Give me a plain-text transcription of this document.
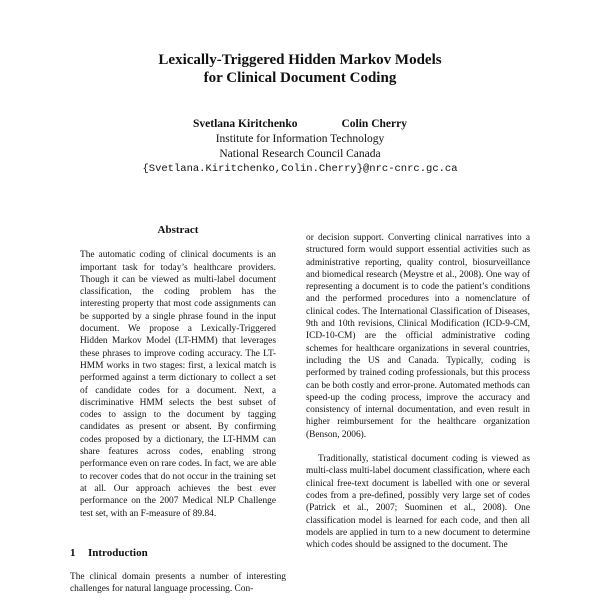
Lexically-Triggered Hidden Markov Models
for Clinical Document Coding
Svetlana Kiritchenko	Colin Cherry
Institute for Information Technology
National Research Council Canada
{Svetlana.Kiritchenko,Colin.Cherry}@nrc-cnrc.gc.ca
Abstract

The automatic coding of clinical documents is an important task for today’s healthcare providers. Though it can be viewed as multi-label document classification, the coding problem has the interesting property that most code assignments can be supported by a single phrase found in the input document. We propose a Lexically-Triggered Hidden Markov Model (LT-HMM) that leverages these phrases to improve coding accuracy. The LT-HMM works in two stages: first, a lexical match is performed against a term dictionary to collect a set of candidate codes for a document. Next, a discriminative HMM selects the best subset of codes to assign to the document by tagging candidates as present or absent. By confirming codes proposed by a dictionary, the LT-HMM can share features across codes, enabling strong performance even on rare codes. In fact, we are able to recover codes that do not occur in the training set at all. Our approach achieves the best ever performance on the 2007 Medical NLP Challenge test set, with an F-measure of 89.84.

1 Introduction

The clinical domain presents a number of interesting challenges for natural language processing. Con-

or decision support. Converting clinical narratives into a structured form would support essential activities such as administrative reporting, quality control, biosurveillance and biomedical research (Meystre et al., 2008). One way of representing a document is to code the patient’s conditions and the performed procedures into a nomenclature of clinical codes. The International Classification of Diseases, 9th and 10th revisions, Clinical Modification (ICD-9-CM, ICD-10-CM) are the official administrative coding schemes for healthcare organizations in several countries, including the US and Canada. Typically, coding is performed by trained coding professionals, but this process can be both costly and error-prone. Automated methods can speed-up the coding process, improve the accuracy and consistency of internal documentation, and even result in higher reimbursement for the healthcare organization (Benson, 2006).

Traditionally, statistical document coding is viewed as multi-class multi-label document classification, where each clinical free-text document is labelled with one or several codes from a pre-defined, possibly very large set of codes (Patrick et al., 2007; Suominen et al., 2008). One classification model is learned for each code, and then all models are applied in turn to a new document to determine which codes should be assigned to the document. The
